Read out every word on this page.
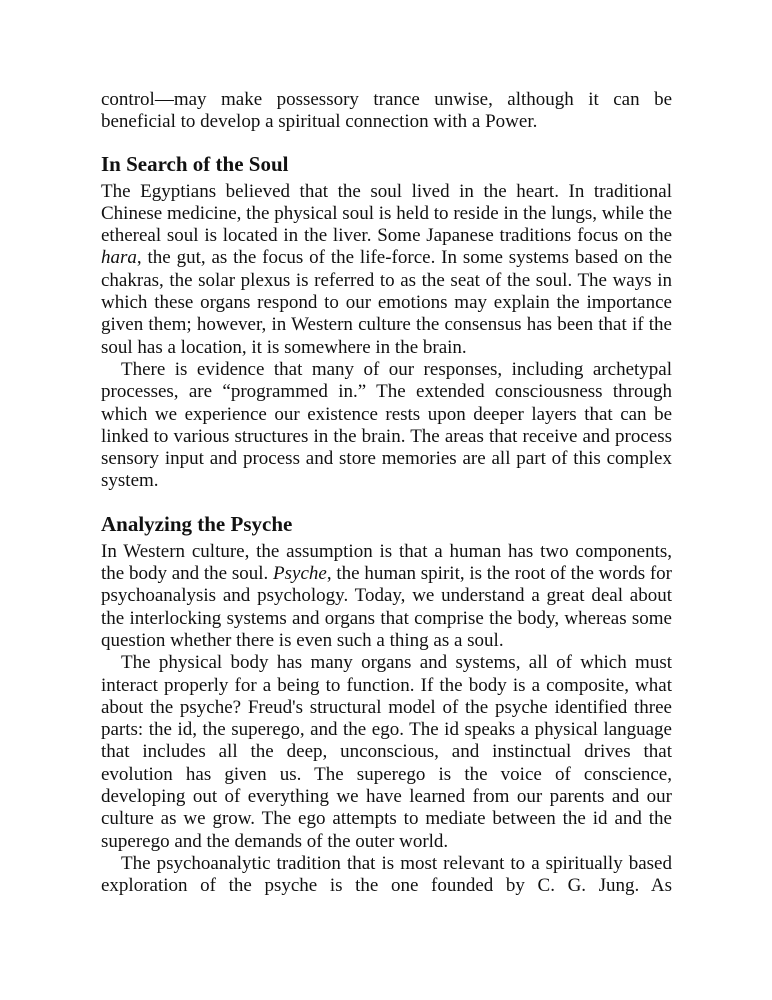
control—may make possessory trance unwise, although it can be beneficial to develop a spiritual connection with a Power.

In Search of the Soul

The Egyptians believed that the soul lived in the heart. In traditional Chinese medicine, the physical soul is held to reside in the lungs, while the ethereal soul is located in the liver. Some Japanese traditions focus on the hara, the gut, as the focus of the life-force. In some systems based on the chakras, the solar plexus is referred to as the seat of the soul. The ways in which these organs respond to our emotions may explain the importance given them; however, in Western culture the consensus has been that if the soul has a location, it is somewhere in the brain.

There is evidence that many of our responses, including archetypal processes, are “programmed in.” The extended consciousness through which we experience our existence rests upon deeper layers that can be linked to various structures in the brain. The areas that receive and process sensory input and process and store memories are all part of this complex system.

Analyzing the Psyche

In Western culture, the assumption is that a human has two components, the body and the soul. Psyche, the human spirit, is the root of the words for psychoanalysis and psychology. Today, we understand a great deal about the interlocking systems and organs that comprise the body, whereas some question whether there is even such a thing as a soul.

The physical body has many organs and systems, all of which must interact properly for a being to function. If the body is a composite, what about the psyche? Freud's structural model of the psyche identified three parts: the id, the superego, and the ego. The id speaks a physical language that includes all the deep, unconscious, and instinctual drives that evolution has given us. The superego is the voice of conscience, developing out of everything we have learned from our parents and our culture as we grow. The ego attempts to mediate between the id and the superego and the demands of the outer world.

The psychoanalytic tradition that is most relevant to a spiritually based exploration of the psyche is the one founded by C. G. Jung. As
